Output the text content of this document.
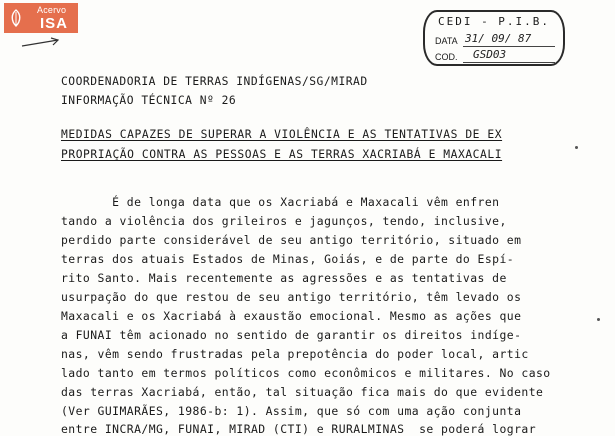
Acervo
ISA	CEDI - P.I.B.
DATA 31/ 09/ 87
COD. GSD03
COORDENADORIA DE TERRAS INDÍGENAS/SG/MIRAD
INFORMAÇÃO TÉCNICA Nº 26
MEDIDAS CAPAZES DE SUPERAR A VIOLÊNCIA E AS TENTATIVAS DE EX
PROPRIAÇÃO CONTRA AS PESSOAS E AS TERRAS XACRIABÁ E MAXACALI
É de longa data que os Xacriabá e Maxacali vêm enfren
tando a violência dos grileiros e jagunços, tendo, inclusive,
perdido parte considerável de seu antigo território, situado em
terras dos atuais Estados de Minas, Goiás, e de parte do Espí-
rito Santo. Mais recentemente as agressões e as tentativas de
usurpação do que restou de seu antigo território, têm levado os
Maxacali e os Xacriabá à exaustão emocional. Mesmo as ações que
a FUNAI têm acionado no sentido de garantir os direitos indígе-
nas, vêm sendo frustradas pela prepotência do poder local, artic
lado tanto em termos políticos como econômicos e militares. No caso
das terras Xacriabá, então, tal situação fica mais do que evidente
(Ver GUIMARÃES, 1986-b: 1). Assim, que só com uma ação conjunta
entre INCRA/MG, FUNAI, MIRAD (CTI) e RURALMINAS  se poderá lograr
